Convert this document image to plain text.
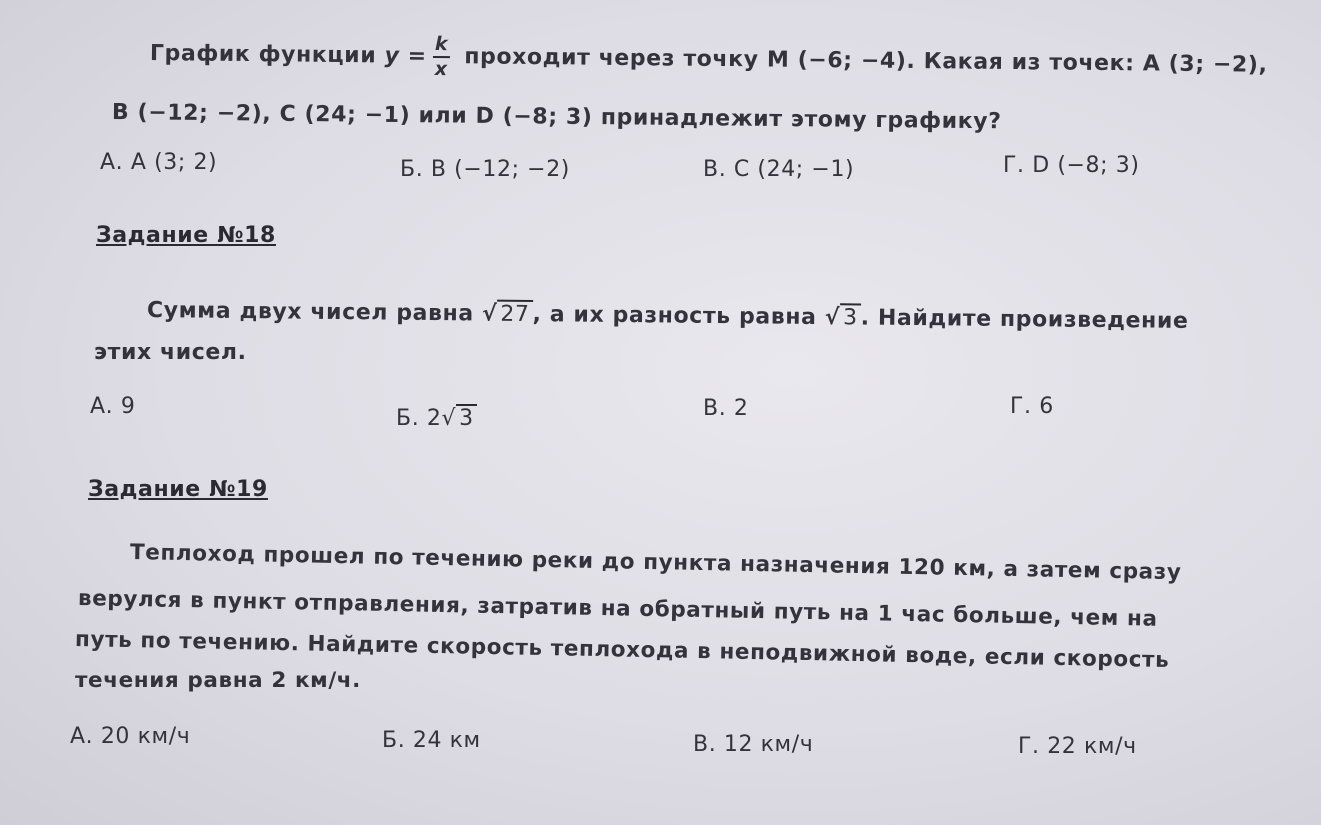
График функции $y = \frac{k}{x}$ проходит через точку M (−6; −4). Какая из точек: A (3; −2),
B (−12; −2), C (24; −1) или D (−8; 3) принадлежит этому графику?
А. A (3; 2)	Б. B (−12; −2)	В. C (24; −1)	Г. D (−8; 3)
Задание №18
Сумма двух чисел равна √ 27 , а их разность равна √ 3 . Найдите произведение
этих чисел.
А. 9	Б. 2√ 3	В. 2	Г. 6
Задание №19
Теплоход прошел по течению реки до пункта назначения 120 км, а затем сразу
верулся в пункт отправления, затратив на обратный путь на 1 час больше, чем на
путь по течению. Найдите скорость теплохода в неподвижной воде, если скорость
течения равна 2 км/ч.
А. 20 км/ч	Б. 24 км	В. 12 км/ч	Г. 22 км/ч
